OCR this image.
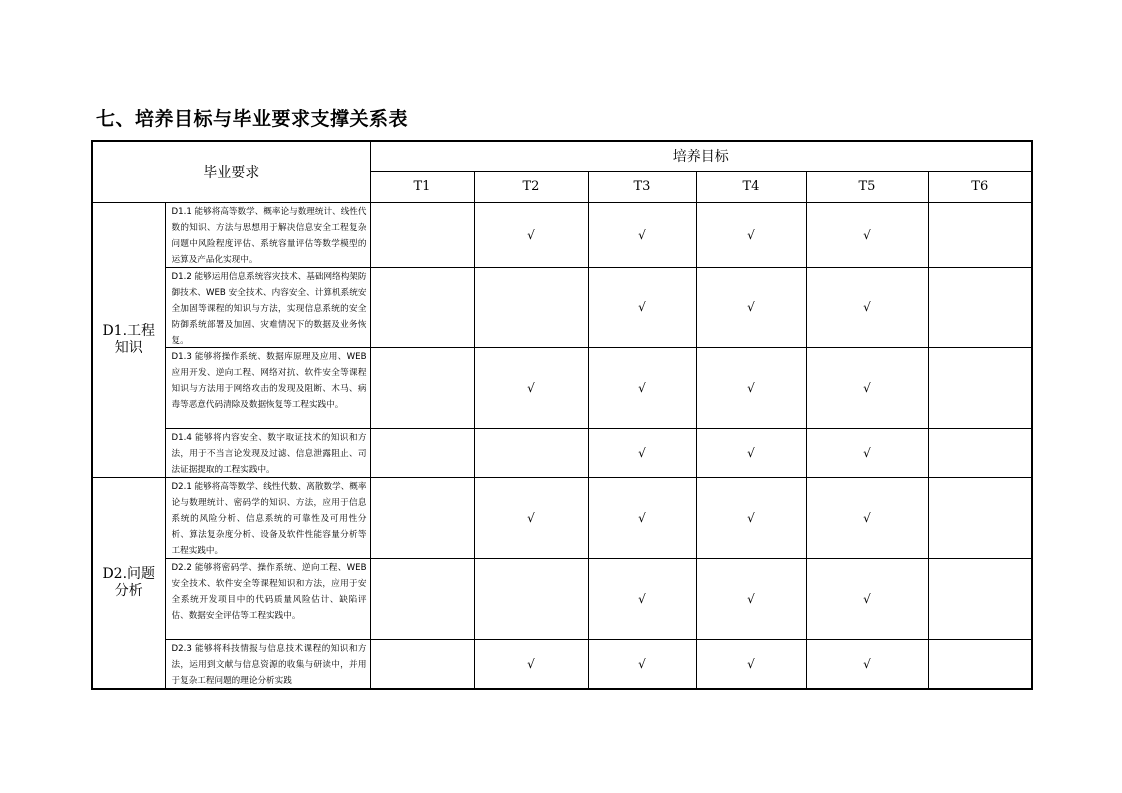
七、培养目标与毕业要求支撑关系表
毕业要求		培养目标					
		T1	T2	T3	T4	T5	T6

D1.工程
知识	D1.1 能够将高等数学、概率论与数理统计、线性代数的知识、方法与思想用于解决信息安全工程复杂问题中风险程度评估、系统容量评估等数学模型的运算及产品化实现中。		√	√	√	√	

	D1.2 能够运用信息系统容灾技术、基础网络构架防御技术、WEB 安全技术、内容安全、计算机系统安全加固等课程的知识与方法，实现信息系统的安全防御系统部署及加固、灾难情况下的数据及业务恢复。			√	√	√	

	D1.3 能够将操作系统、数据库原理及应用、WEB 应用开发、逆向工程、网络对抗、软件安全等课程知识与方法用于网络攻击的发现及阻断、木马、病毒等恶意代码清除及数据恢复等工程实践中。		√	√	√	√	

	D1.4 能够将内容安全、数字取证技术的知识和方法，用于不当言论发现及过滤、信息泄露阻止、司法证据提取的工程实践中。			√	√	√	

D2.问题
分析	D2.1 能够将高等数学、线性代数、离散数学、概率论与数理统计、密码学的知识、方法，应用于信息系统的风险分析、信息系统的可靠性及可用性分析、算法复杂度分析、设备及软件性能容量分析等工程实践中。		√	√	√	√	

	D2.2 能够将密码学、操作系统、逆向工程、WEB 安全技术、软件安全等课程知识和方法，应用于安全系统开发项目中的代码质量风险估计、缺陷评估、数据安全评估等工程实践中。			√	√	√	

	D2.3 能够将科技情报与信息技术课程的知识和方法，运用到文献与信息资源的收集与研读中，并用于复杂工程问题的理论分析实践		√	√	√	√	
